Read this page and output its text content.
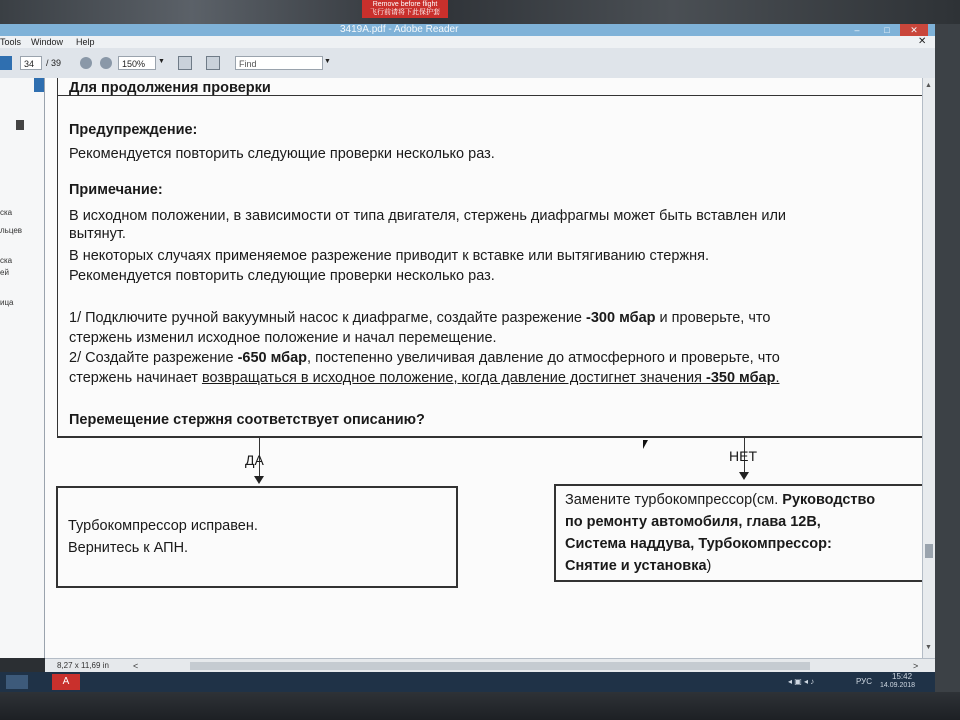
Remove before flight
飞行前请将下此保护套
3419A.pdf - Adobe Reader	–	□	✕
Tools Window Help	✕
34	/ 39	150%	▼	Find	▼
ска
льцев
ска
ей
ица
Для продолжения проверки
Предупреждение:
Рекомендуется повторить следующие проверки несколько раз.
Примечание:
В исходном положении, в зависимости от типа двигателя, стержень диафрагмы может быть вставлен или
вытянут.
В некоторых случаях применяемое разрежение приводит к вставке или вытягиванию стержня.
Рекомендуется повторить следующие проверки несколько раз.
1/ Подключите ручной вакуумный насос к диафрагме, создайте разрежение -300 мбар и проверьте, что
стержень изменил исходное положение и начал перемещение.
2/ Создайте разрежение -650 мбар, постепенно увеличивая давление до атмосферного и проверьте, что
стержень начинает возвращаться в исходное положение, когда давление достигнет значения -350 мбар.
Перемещение стержня соответствует описанию?
ДА	НЕТ
Турбокомпрессор исправен.
Вернитесь к АПН.
Замените турбокомпрессор(см. Руководство
по ремонту автомобиля, глава 12B,
Система наддува, Турбокомпрессор:
Снятие и установка)
▲
▼
8,27 x 11,69 in	<	>
A	◂ ▣ ◂ ♪	РУС
15:42
14.09.2018
